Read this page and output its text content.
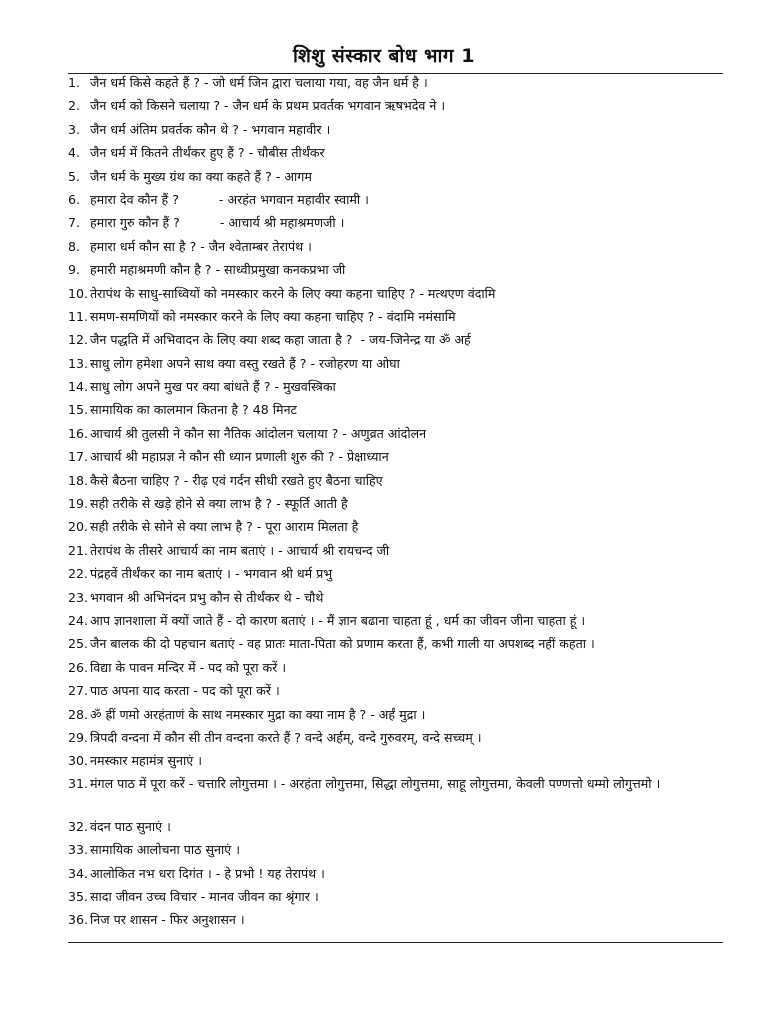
शिशु संस्कार बोध भाग 1
1. जैन धर्म किसे कहते हैं ? - जो धर्म जिन द्वारा चलाया गया, वह जैन धर्म है ।
2. जैन धर्म को किसने चलाया ? - जैन धर्म के प्रथम प्रवर्तक भगवान ऋषभदेव ने ।
3. जैन धर्म अंतिम प्रवर्तक कौन थे ? - भगवान महावीर ।
4. जैन धर्म में कितने तीर्थंकर हुए हैं ? - चौबीस तीर्थंकर
5. जैन धर्म के मुख्य ग्रंथ का क्या कहते हैं ? - आगम
6. हमारा देव कौन हैं ?          - अरहंत भगवान महावीर स्वामी ।
7. हमारा गुरु कौन हैं ?          - आचार्य श्री महाश्रमणजी ।
8. हमारा धर्म कौन सा है ? - जैन श्वेताम्बर तेरापंथ ।
9. हमारी महाश्रमणी कौन है ? - साध्वीप्रमुखा कनकप्रभा जी
10. तेरापंथ के साधु-साध्वियों को नमस्कार करने के लिए क्या कहना चाहिए ? - मत्थएण वंदामि
11. समण-समणियों को नमस्कार करने के लिए क्या कहना चाहिए ? - वंदामि नमंसामि
12. जैन पद्धति में अभिवादन के लिए क्या शब्द कहा जाता है ?  - जय-जिनेन्द्र या ॐ अर्ह
13. साधु लोग हमेशा अपने साथ क्या वस्तु रखते हैं ? - रजोहरण या ओघा
14. साधु लोग अपने मुख पर क्या बांधते हैं ? - मुखवस्त्रिका
15. सामायिक का कालमान कितना है ? 48 मिनट
16. आचार्य श्री तुलसी ने कौन सा नैतिक आंदोलन चलाया ? - अणुव्रत आंदोलन
17. आचार्य श्री महाप्रज्ञ ने कौन सी ध्यान प्रणाली शुरु की ? - प्रेक्षाध्यान
18. कैसे बैठना चाहिए ? - रीढ़ एवं गर्दन सीधी रखते हुए बैठना चाहिए
19. सही तरीके से खड़े होने से क्या लाभ है ? - स्फूर्ति आती है
20. सही तरीके से सोने से क्या लाभ है ? - पूरा आराम मिलता है
21. तेरापंथ के तीसरे आचार्य का नाम बताएं । - आचार्य श्री रायचन्द जी
22. पंद्रहवें तीर्थंकर का नाम बताएं । - भगवान श्री धर्म प्रभु
23. भगवान श्री अभिनंदन प्रभु कौन से तीर्थंकर थे - चौथे
24. आप ज्ञानशाला में क्यों जाते हैं - दो कारण बताएं । - मैं ज्ञान बढाना चाहता हूं , धर्म का जीवन जीना चाहता हूं ।
25. जैन बालक की दो पहचान बताएं - वह प्रातः माता-पिता को प्रणाम करता हैं, कभी गाली या अपशब्द नहीं कहता ।
26. विद्या के पावन मन्दिर में - पद को पूरा करें ।
27. पाठ अपना याद करता - पद को पूरा करें ।
28. ॐ ह्रीं णमो अरहंताणं के साथ नमस्कार मुद्रा का क्या नाम है ? - अर्हं मुद्रा ।
29. त्रिपदी वन्दना में कौन सी तीन वन्दना करते हैं ? वन्दे अर्हम्, वन्दे गुरुवरम्, वन्दे सच्चम् ।
30. नमस्कार महामंत्र सुनाएं ।
31. मंगल पाठ में पूरा करें - चत्तारि लोगुत्तमा । - अरहंता लोगुत्तमा, सिद्धा लोगुत्तमा, साहू लोगुत्तमा, केवली पण्णत्तो धम्मो लोगुत्तमो ।
32. वंदन पाठ सुनाएं ।
33. सामायिक आलोचना पाठ सुनाएं ।
34. आलोकित नभ धरा दिगंत । - हे प्रभो ! यह तेरापंथ ।
35. सादा जीवन उच्च विचार - मानव जीवन का श्रृंगार ।
36. निज पर शासन - फिर अनुशासन ।
